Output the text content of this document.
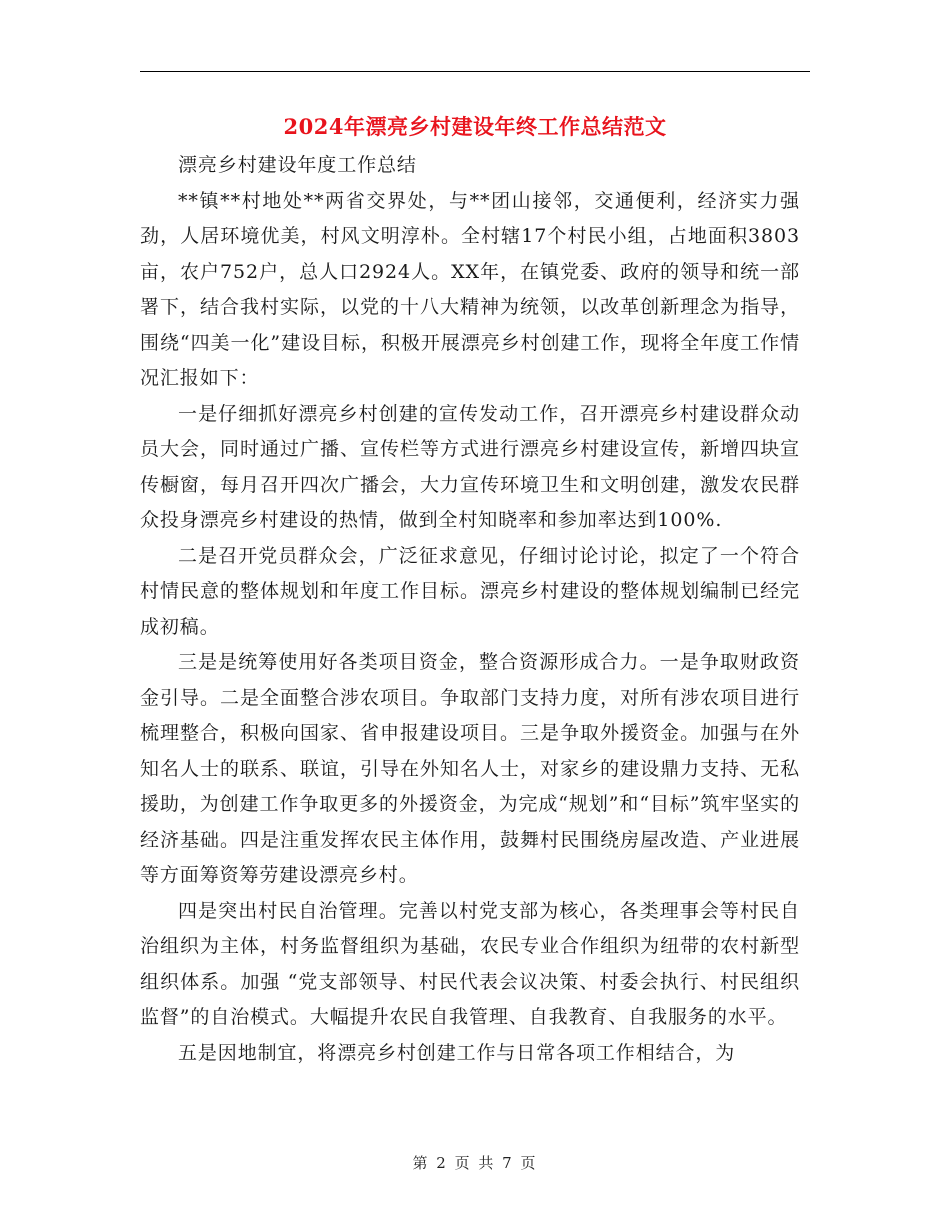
2024年漂亮乡村建设年终工作总结范文

漂亮乡村建设年度工作总结

**镇**村地处**两省交界处，与**团山接邻，交通便利，经济实力强劲，人居环境优美，村风文明淳朴。全村辖17个村民小组，占地面积3803亩，农户752户，总人口2924人。XX年，在镇党委、政府的领导和统一部署下，结合我村实际，以党的十八大精神为统领，以改革创新理念为指导，围绕“四美一化”建设目标，积极开展漂亮乡村创建工作，现将全年度工作情况汇报如下：

一是仔细抓好漂亮乡村创建的宣传发动工作，召开漂亮乡村建设群众动员大会，同时通过广播、宣传栏等方式进行漂亮乡村建设宣传，新增四块宣传橱窗，每月召开四次广播会，大力宣传环境卫生和文明创建，激发农民群众投身漂亮乡村建设的热情，做到全村知晓率和参加率达到100%.

二是召开党员群众会，广泛征求意见，仔细讨论讨论，拟定了一个符合村情民意的整体规划和年度工作目标。漂亮乡村建设的整体规划编制已经完成初稿。

三是是统筹使用好各类项目资金，整合资源形成合力。一是争取财政资金引导。二是全面整合涉农项目。争取部门支持力度，对所有涉农项目进行梳理整合，积极向国家、省申报建设项目。三是争取外援资金。加强与在外知名人士的联系、联谊，引导在外知名人士，对家乡的建设鼎力支持、无私援助，为创建工作争取更多的外援资金，为完成“规划”和“目标”筑牢坚实的经济基础。四是注重发挥农民主体作用，鼓舞村民围绕房屋改造、产业进展等方面筹资筹劳建设漂亮乡村。

四是突出村民自治管理。完善以村党支部为核心，各类理事会等村民自治组织为主体，村务监督组织为基础，农民专业合作组织为纽带的农村新型组织体系。加强 “党支部领导、村民代表会议决策、村委会执行、村民组织监督”的自治模式。大幅提升农民自我管理、自我教育、自我服务的水平。

五是因地制宜，将漂亮乡村创建工作与日常各项工作相结合，为

第 2 页 共 7 页
